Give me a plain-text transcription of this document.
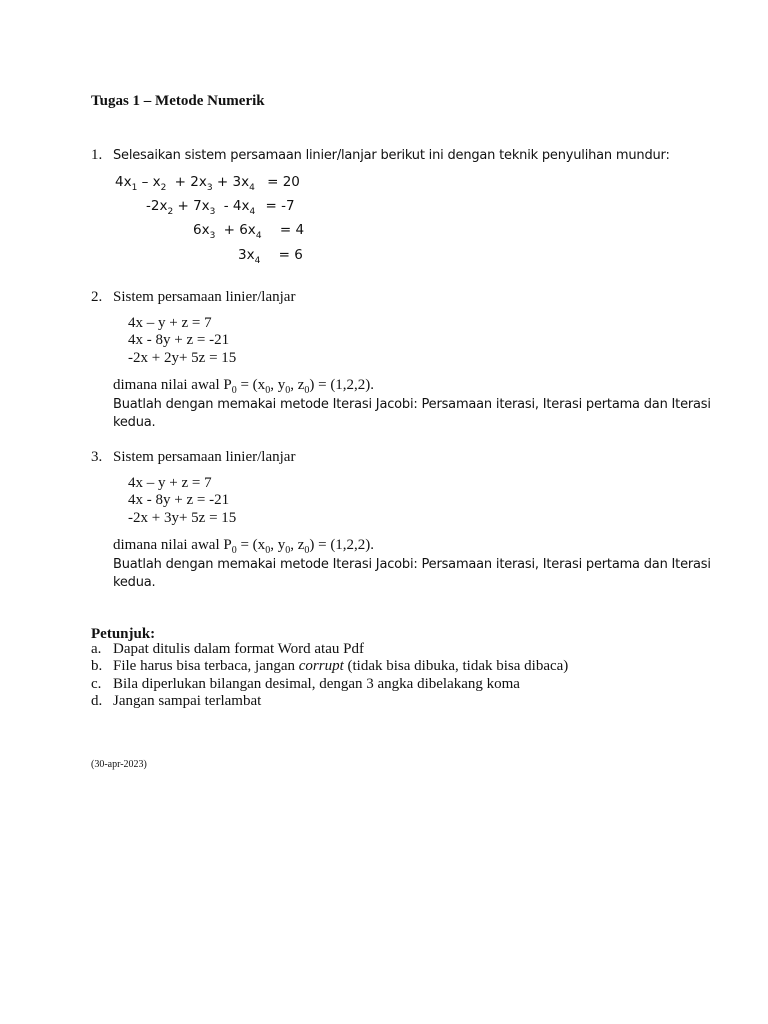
Tugas 1 – Metode Numerik
1. Selesaikan sistem persamaan linier/lanjar berikut ini dengan teknik penyulihan mundur:
$4x_1 - x_2 + 2x_3 + 3x_4 = 20$
$-2x_2 + 7x_3 - 4x_4 = -7$
$6x_3 + 6x_4 = 4$
$3x_4 = 6$
2. Sistem persamaan linier/lanjar
4x – y + z = 7
4x - 8y + z = -21
-2x + 2y+ 5z = 15
dimana nilai awal $P_0 = (x_0$, $y_0$, $z_0) = (1,2,2)$.
Buatlah dengan memakai metode Iterasi Jacobi: Persamaan iterasi, Iterasi pertama dan Iterasi
kedua.
3. Sistem persamaan linier/lanjar
4x – y + z = 7
4x - 8y + z = -21
-2x + 3y+ 5z = 15
dimana nilai awal $P_0 = (x_0$, $y_0$, $z_0) = (1,2,2)$.
Buatlah dengan memakai metode Iterasi Jacobi: Persamaan iterasi, Iterasi pertama dan Iterasi
kedua.
Petunjuk:
a. Dapat ditulis dalam format Word atau Pdf
b. File harus bisa terbaca, jangan corrupt (tidak bisa dibuka, tidak bisa dibaca)
c. Bila diperlukan bilangan desimal, dengan 3 angka dibelakang koma
d. Jangan sampai terlambat
(30-apr-2023)
